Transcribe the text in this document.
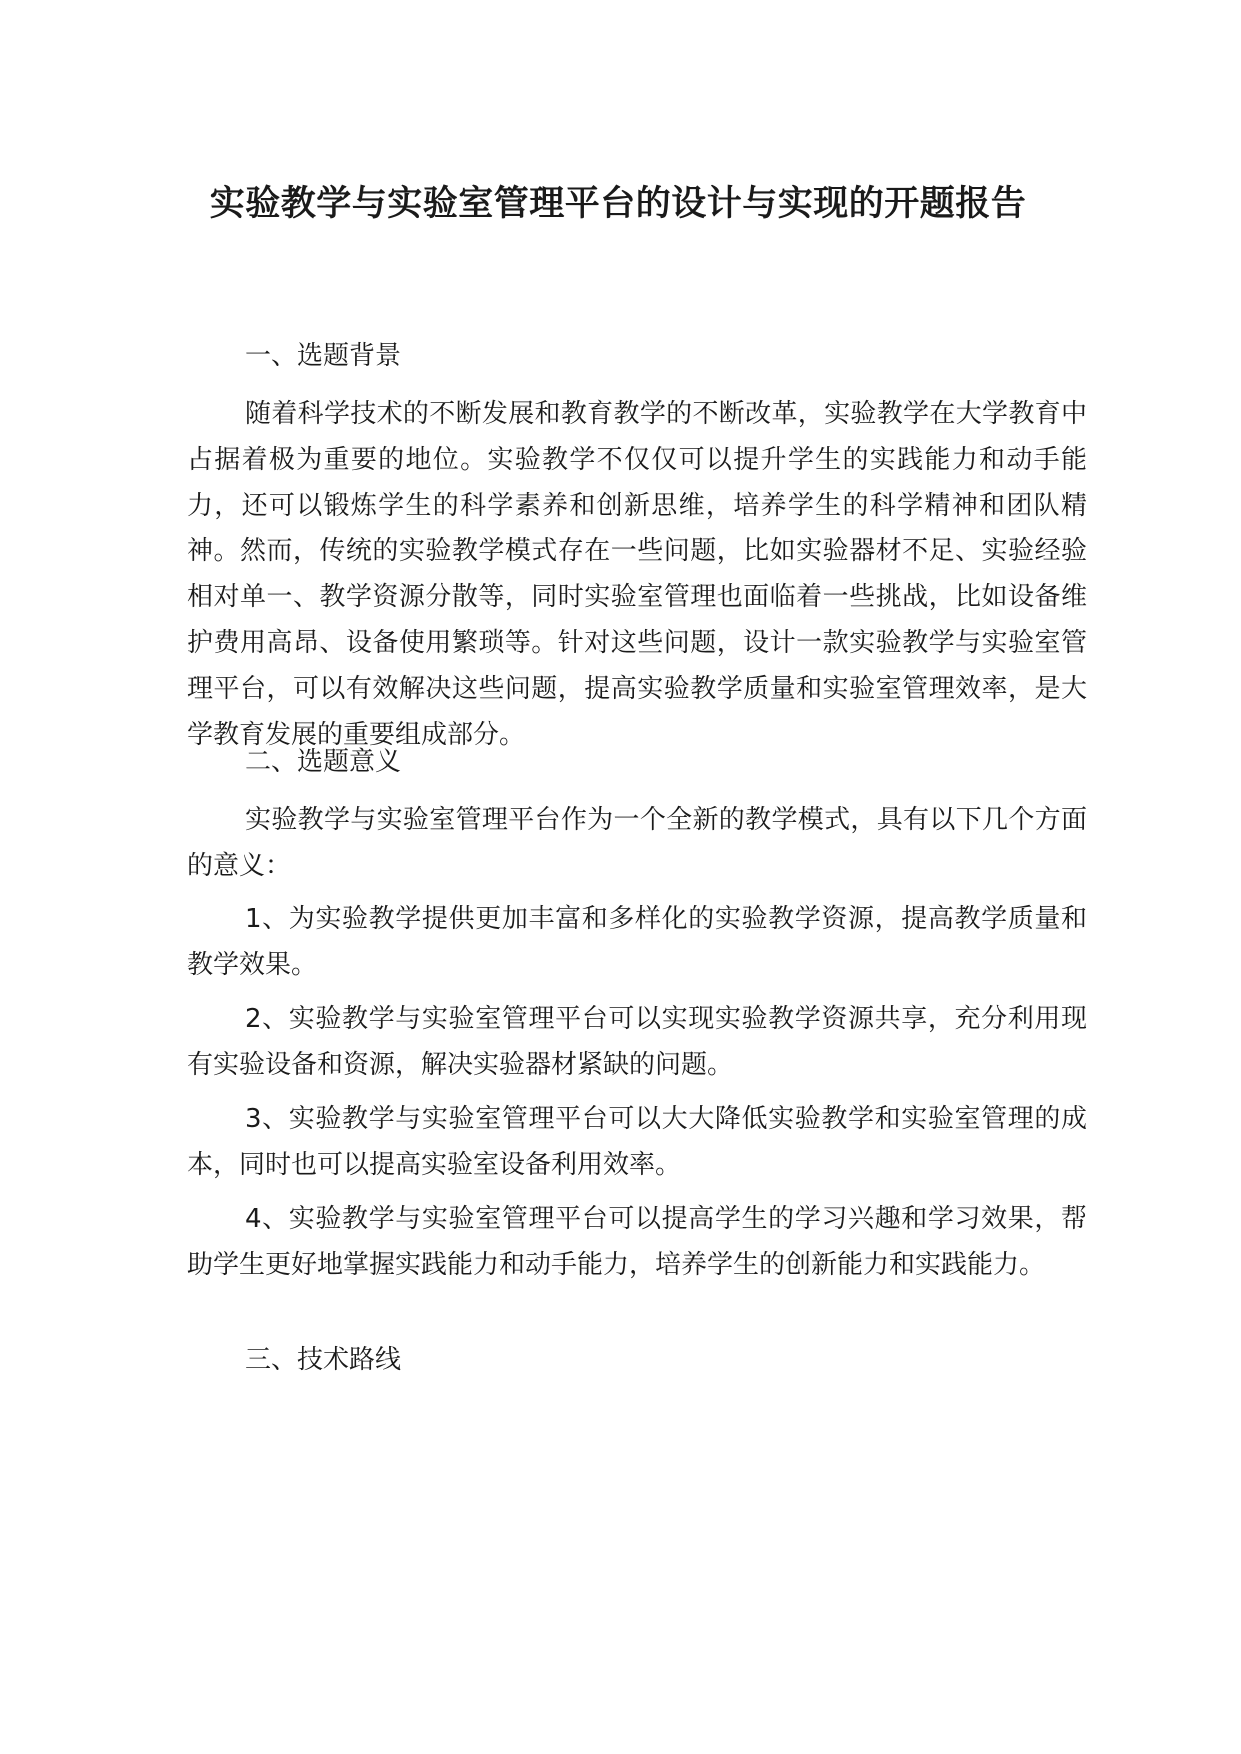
实验教学与实验室管理平台的设计与实现的开题报告
一、选题背景
随着科学技术的不断发展和教育教学的不断改革，实验教学在大学教育中占据着极为重要的地位。实验教学不仅仅可以提升学生的实践能力和动手能力，还可以锻炼学生的科学素养和创新思维，培养学生的科学精神和团队精神。然而，传统的实验教学模式存在一些问题，比如实验器材不足、实验经验相对单一、教学资源分散等，同时实验室管理也面临着一些挑战，比如设备维护费用高昂、设备使用繁琐等。针对这些问题，设计一款实验教学与实验室管理平台，可以有效解决这些问题，提高实验教学质量和实验室管理效率，是大学教育发展的重要组成部分。
二、选题意义
实验教学与实验室管理平台作为一个全新的教学模式，具有以下几个方面的意义：
1、为实验教学提供更加丰富和多样化的实验教学资源，提高教学质量和教学效果。
2、实验教学与实验室管理平台可以实现实验教学资源共享，充分利用现有实验设备和资源，解决实验器材紧缺的问题。
3、实验教学与实验室管理平台可以大大降低实验教学和实验室管理的成本，同时也可以提高实验室设备利用效率。
4、实验教学与实验室管理平台可以提高学生的学习兴趣和学习效果，帮助学生更好地掌握实践能力和动手能力，培养学生的创新能力和实践能力。
三、技术路线
